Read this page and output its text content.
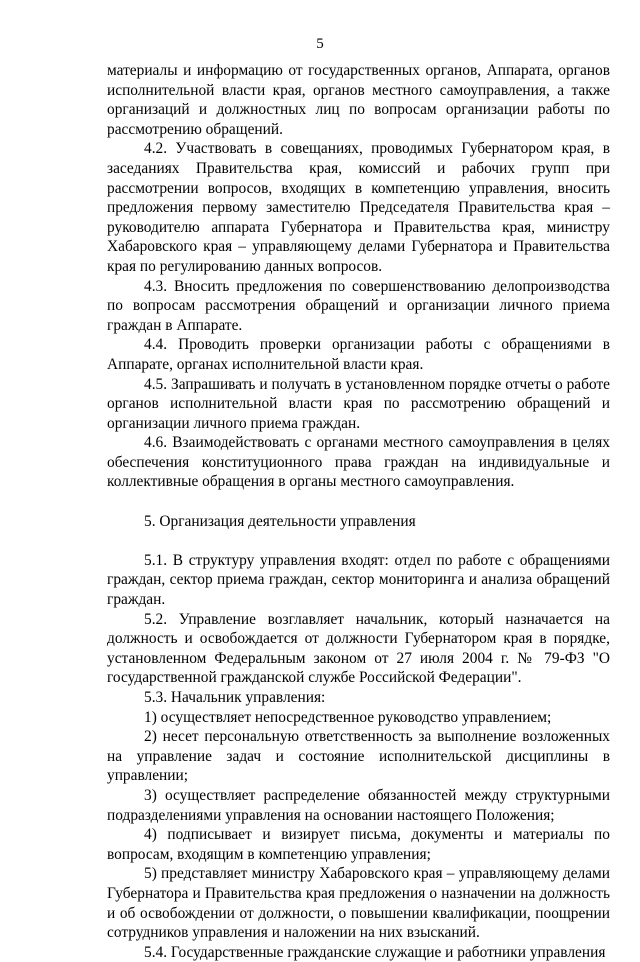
5

материалы и информацию от государственных органов, Аппарата, органов исполнительной власти края, органов местного самоуправления, а также организаций и должностных лиц по вопросам организации работы по рассмотрению обращений.

4.2. Участвовать в совещаниях, проводимых Губернатором края, в заседаниях Правительства края, комиссий и рабочих групп при рассмотрении вопросов, входящих в компетенцию управления, вносить предложения первому заместителю Председателя Правительства края – руководителю аппарата Губернатора и Правительства края, министру Хабаровского края – управляющему делами Губернатора и Правительства края по регулированию данных вопросов.

4.3. Вносить предложения по совершенствованию делопроизводства по вопросам рассмотрения обращений и организации личного приема граждан в Аппарате.

4.4. Проводить проверки организации работы с обращениями в Аппарате, органах исполнительной власти края.

4.5. Запрашивать и получать в установленном порядке отчеты о работе органов исполнительной власти края по рассмотрению обращений и организации личного приема граждан.

4.6. Взаимодействовать с органами местного самоуправления в целях обеспечения конституционного права граждан на индивидуальные и коллективные обращения в органы местного самоуправления.

5. Организация деятельности управления

5.1. В структуру управления входят: отдел по работе с обращениями граждан, сектор приема граждан, сектор мониторинга и анализа обращений граждан.

5.2. Управление возглавляет начальник, который назначается на должность и освобождается от должности Губернатором края в порядке, установленном Федеральным законом от 27 июля 2004 г. № 79-ФЗ "О государственной гражданской службе Российской Федерации".

5.3. Начальник управления:

1) осуществляет непосредственное руководство управлением;

2) несет персональную ответственность за выполнение возложенных на управление задач и состояние исполнительской дисциплины в управлении;

3) осуществляет распределение обязанностей между структурными подразделениями управления на основании настоящего Положения;

4) подписывает и визирует письма, документы и материалы по вопросам, входящим в компетенцию управления;

5) представляет министру Хабаровского края – управляющему делами Губернатора и Правительства края предложения о назначении на должность и об освобождении от должности, о повышении квалификации, поощрении сотрудников управления и наложении на них взысканий.

5.4. Государственные гражданские служащие и работники управления
